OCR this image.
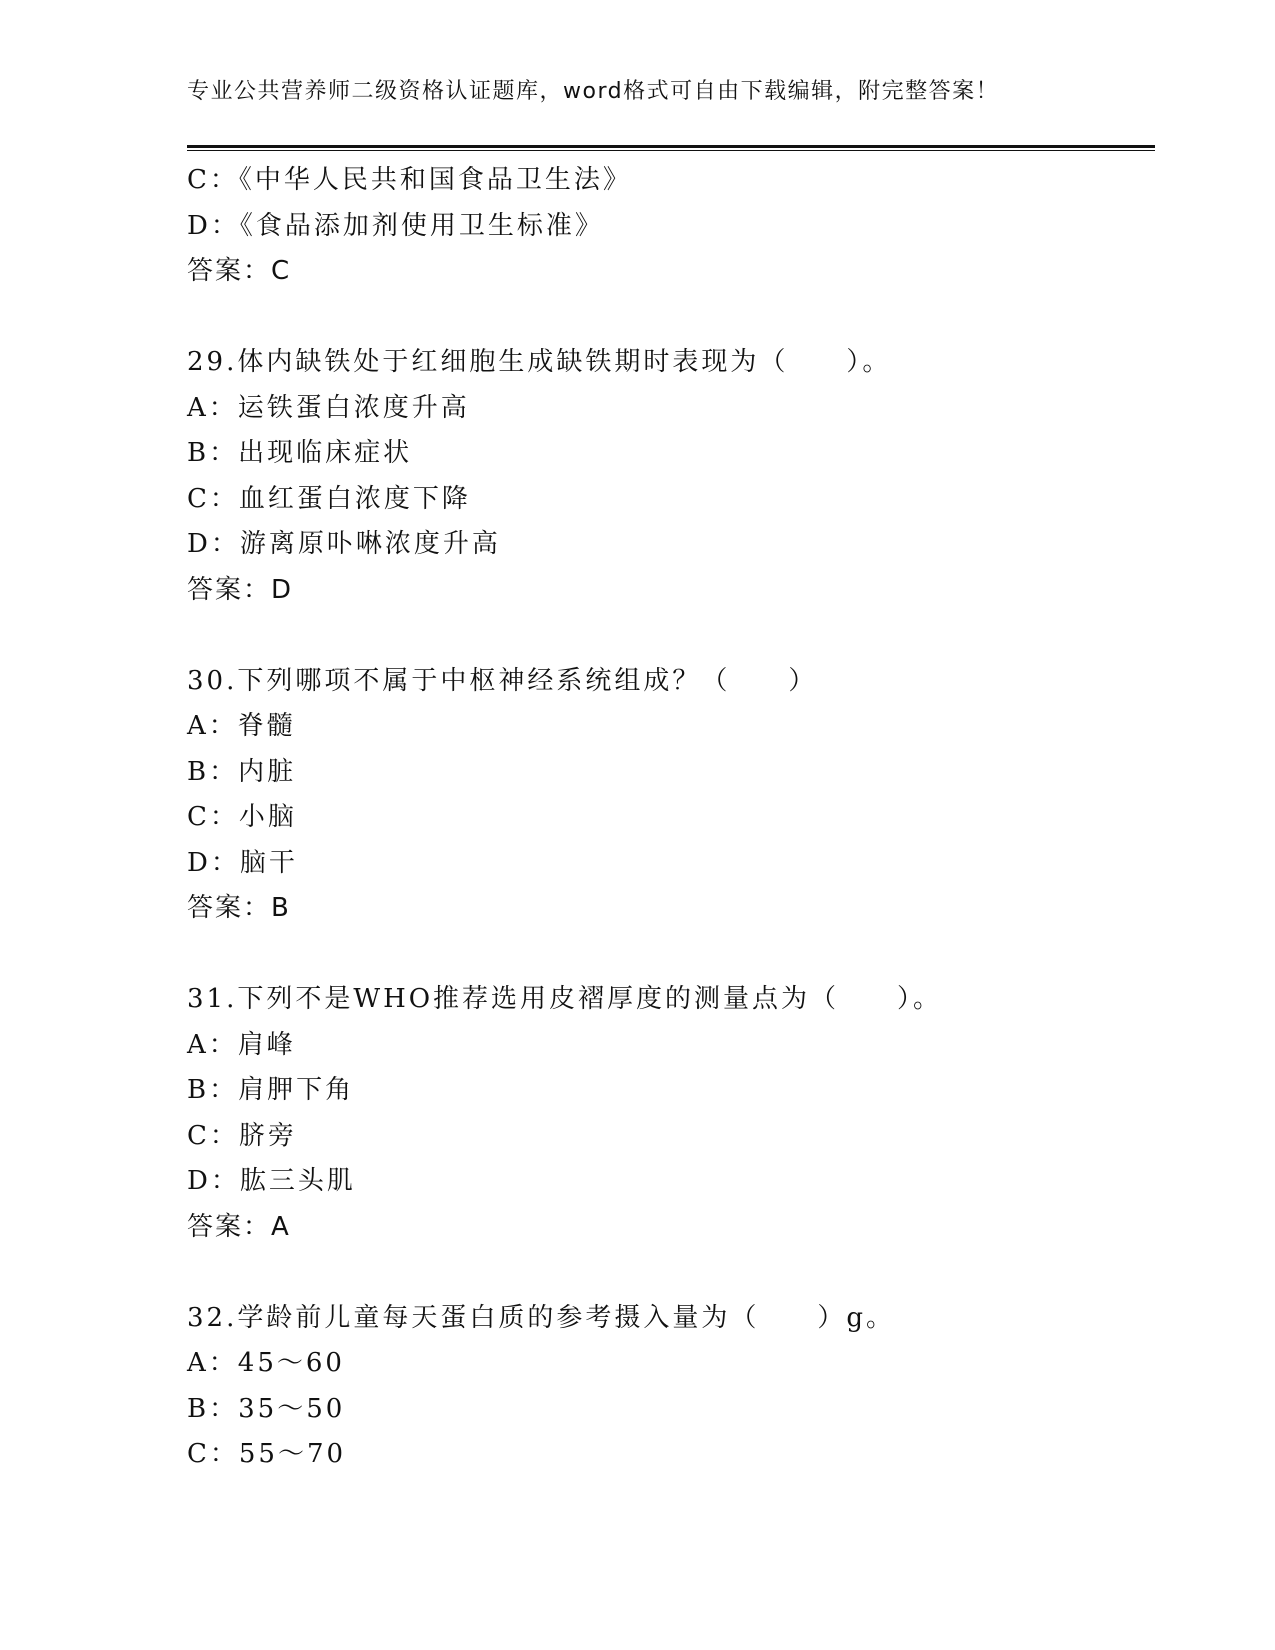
专业公共营养师二级资格认证题库，word格式可自由下载编辑，附完整答案！
C：《中华人民共和国食品卫生法》
D：《食品添加剂使用卫生标准》
答案：C
29.体内缺铁处于红细胞生成缺铁期时表现为（　　）。
A：运铁蛋白浓度升高
B：出现临床症状
C：血红蛋白浓度下降
D：游离原卟啉浓度升高
答案：D
30.下列哪项不属于中枢神经系统组成？（　　）
A：脊髓
B：内脏
C：小脑
D：脑干
答案：B
31.下列不是WHO推荐选用皮褶厚度的测量点为（　　）。
A：肩峰
B：肩胛下角
C：脐旁
D：肱三头肌
答案：A
32.学龄前儿童每天蛋白质的参考摄入量为（　　）g。
A：45～60
B：35～50
C：55～70
